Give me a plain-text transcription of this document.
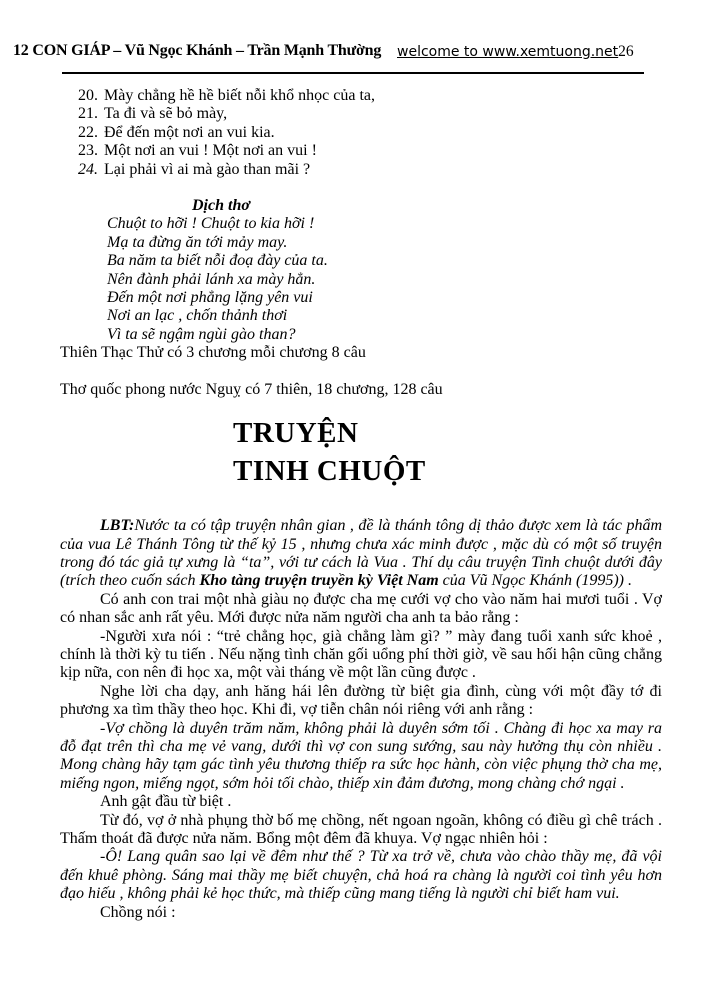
12 CON GIÁP – Vũ Ngọc Khánh – Trần Mạnh Thường welcome to www.xemtuong.net26
20. Mày chẳng hề hề biết nỗi khổ nhọc của ta,
21. Ta đi và sẽ bỏ mày,
22. Để đến một nơi an vui kia.
23. Một nơi an vui ! Một nơi an vui !
24. Lại phải vì ai mà gào than mãi ?
Dịch thơ
Chuột to hỡi ! Chuột to kia hỡi !
Mạ ta đừng ăn tới mảy may.
Ba năm ta biết nỗi đoạ đày của ta.
Nên đành phải lánh xa mày hẳn.
Đến một nơi phẳng lặng yên vui
Nơi an lạc , chốn thảnh thơi
Vì ta sẽ ngậm ngùi gào than?
Thiên Thạc Thử có 3 chương mỗi chương 8 câu
Thơ quốc phong nước Nguỵ có 7 thiên, 18 chương, 128 câu
TRUYỆN
TINH CHUỘT

LBT:Nước ta có tập truyện nhân gian , đề là thánh tông dị thảo được xem là tác phẩm của vua Lê Thánh Tông từ thế kỷ 15 , nhưng chưa xác minh được , mặc dù có một số truyện trong đó tác giả tự xưng là “ta”, với tư cách là Vua . Thí dụ câu truyện Tinh chuột dưới đây (trích theo cuốn sách Kho tàng truyện truyền kỳ Việt Nam của Vũ Ngọc Khánh (1995)) .

Có anh con trai một nhà giàu nọ được cha mẹ cưới vợ cho vào năm hai mươi tuổi . Vợ có nhan sắc anh rất yêu. Mới được nửa năm người cha anh ta bảo rằng :

-Người xưa nói : “trẻ chẳng học, già chẳng làm gì? ” mày đang tuổi xanh sức khoẻ , chính là thời kỳ tu tiến . Nếu nặng tình chăn gối uổng phí thời giờ, về sau hối hận cũng chẳng kịp nữa, con nên đi học xa, một vài tháng về một lần cũng được .

Nghe lời cha dạy, anh hăng hái lên đường từ biệt gia đình, cùng với một đầy tớ đi phương xa tìm thầy theo học. Khi đi, vợ tiễn chân nói riêng với anh rằng :

-Vợ chồng là duyên trăm năm, không phải là duyên sớm tối . Chàng đi học xa may ra đỗ đạt trên thì cha mẹ vẻ vang, dưới thì vợ con sung sướng, sau này hưởng thụ còn nhiều . Mong chàng hãy tạm gác tình yêu thương thiếp ra sức học hành, còn việc phụng thờ cha mẹ, miếng ngon, miếng ngọt, sớm hỏi tối chào, thiếp xin đảm đương, mong chàng chớ ngại .

Anh gật đầu từ biệt .

Từ đó, vợ ở nhà phụng thờ bố mẹ chồng, nết ngoan ngoãn, không có điều gì chê trách . Thấm thoát đã được nửa năm. Bổng một đêm đã khuya. Vợ ngạc nhiên hỏi :

-Ô! Lang quân sao lại về đêm như thế ? Từ xa trở về, chưa vào chào thầy mẹ, đã vội đến khuê phòng. Sáng mai thầy mẹ biết chuyện, chả hoá ra chàng là người coi tình yêu hơn đạo hiếu , không phải kẻ học thức, mà thiếp cũng mang tiếng là người chỉ biết ham vui.

Chồng nói :
